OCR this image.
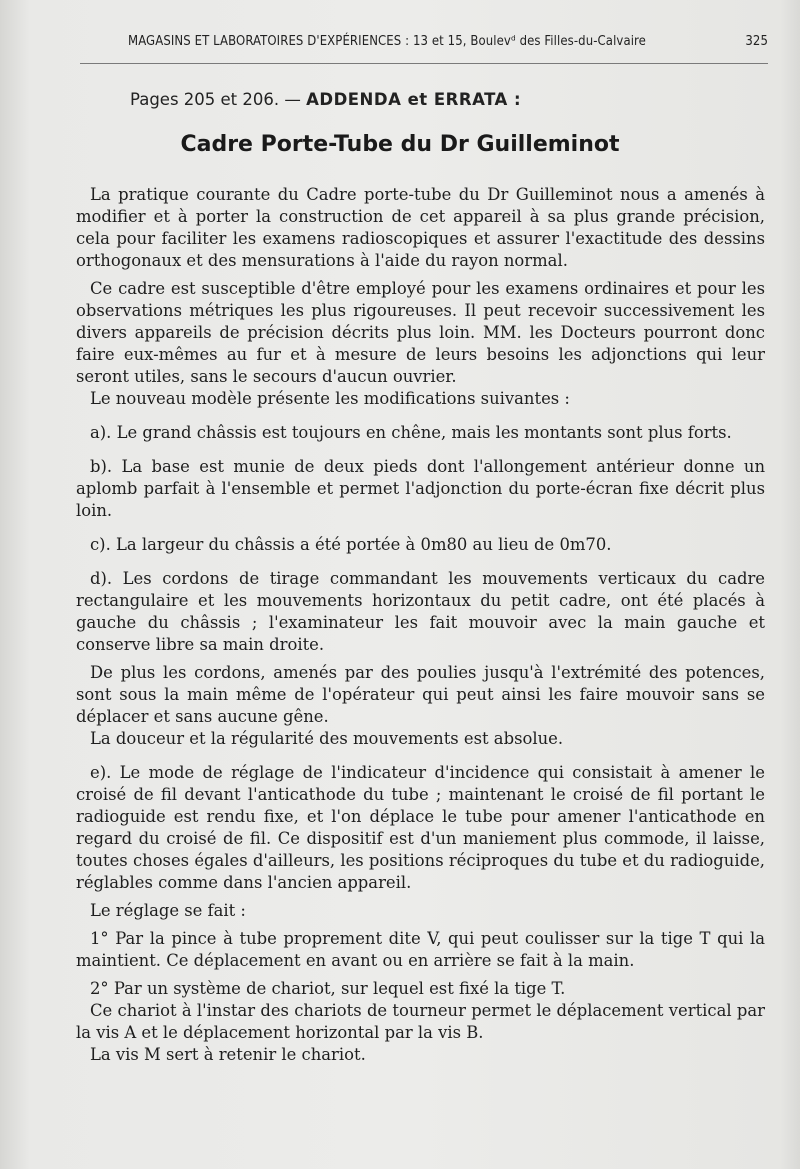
MAGASINS ET LABORATOIRES D'EXPÉRIENCES : 13 et 15, Boulevᵈ des Filles-du-Calvaire	325
Pages 205 et 206. — ADDENDA et ERRATA :
Cadre Porte-Tube du Dr Guilleminot

La pratique courante du Cadre porte-tube du Dr Guilleminot nous a amenés à modifier et à porter la construction de cet appareil à sa plus grande précision, cela pour faciliter les examens radioscopiques et assurer l'exactitude des dessins orthogonaux et des mensurations à l'aide du rayon normal.

Ce cadre est susceptible d'être employé pour les examens ordinaires et pour les observations métriques les plus rigoureuses. Il peut recevoir successivement les divers appareils de précision décrits plus loin. MM. les Docteurs pourront donc faire eux-mêmes au fur et à mesure de leurs besoins les adjonctions qui leur seront utiles, sans le secours d'aucun ouvrier.

Le nouveau modèle présente les modifications suivantes :

a). Le grand châssis est toujours en chêne, mais les montants sont plus forts.

b). La base est munie de deux pieds dont l'allongement antérieur donne un aplomb parfait à l'ensemble et permet l'adjonction du porte-écran fixe décrit plus loin.

c). La largeur du châssis a été portée à 0m80 au lieu de 0m70.

d). Les cordons de tirage commandant les mouvements verticaux du cadre rectangulaire et les mouvements horizontaux du petit cadre, ont été placés à gauche du châssis ; l'examinateur les fait mouvoir avec la main gauche et conserve libre sa main droite.

De plus les cordons, amenés par des poulies jusqu'à l'extrémité des potences, sont sous la main même de l'opérateur qui peut ainsi les faire mouvoir sans se déplacer et sans aucune gêne.

La douceur et la régularité des mouvements est absolue.

e). Le mode de réglage de l'indicateur d'incidence qui consistait à amener le croisé de fil devant l'anticathode du tube ; maintenant le croisé de fil portant le radioguide est rendu fixe, et l'on déplace le tube pour amener l'anticathode en regard du croisé de fil. Ce dispositif est d'un maniement plus commode, il laisse, toutes choses égales d'ailleurs, les positions réciproques du tube et du radioguide, réglables comme dans l'ancien appareil.

Le réglage se fait :

1° Par la pince à tube proprement dite V, qui peut coulisser sur la tige T qui la maintient. Ce déplacement en avant ou en arrière se fait à la main.

2° Par un système de chariot, sur lequel est fixé la tige T.

Ce chariot à l'instar des chariots de tourneur permet le déplacement vertical par la vis A et le déplacement horizontal par la vis B.

La vis M sert à retenir le chariot.
